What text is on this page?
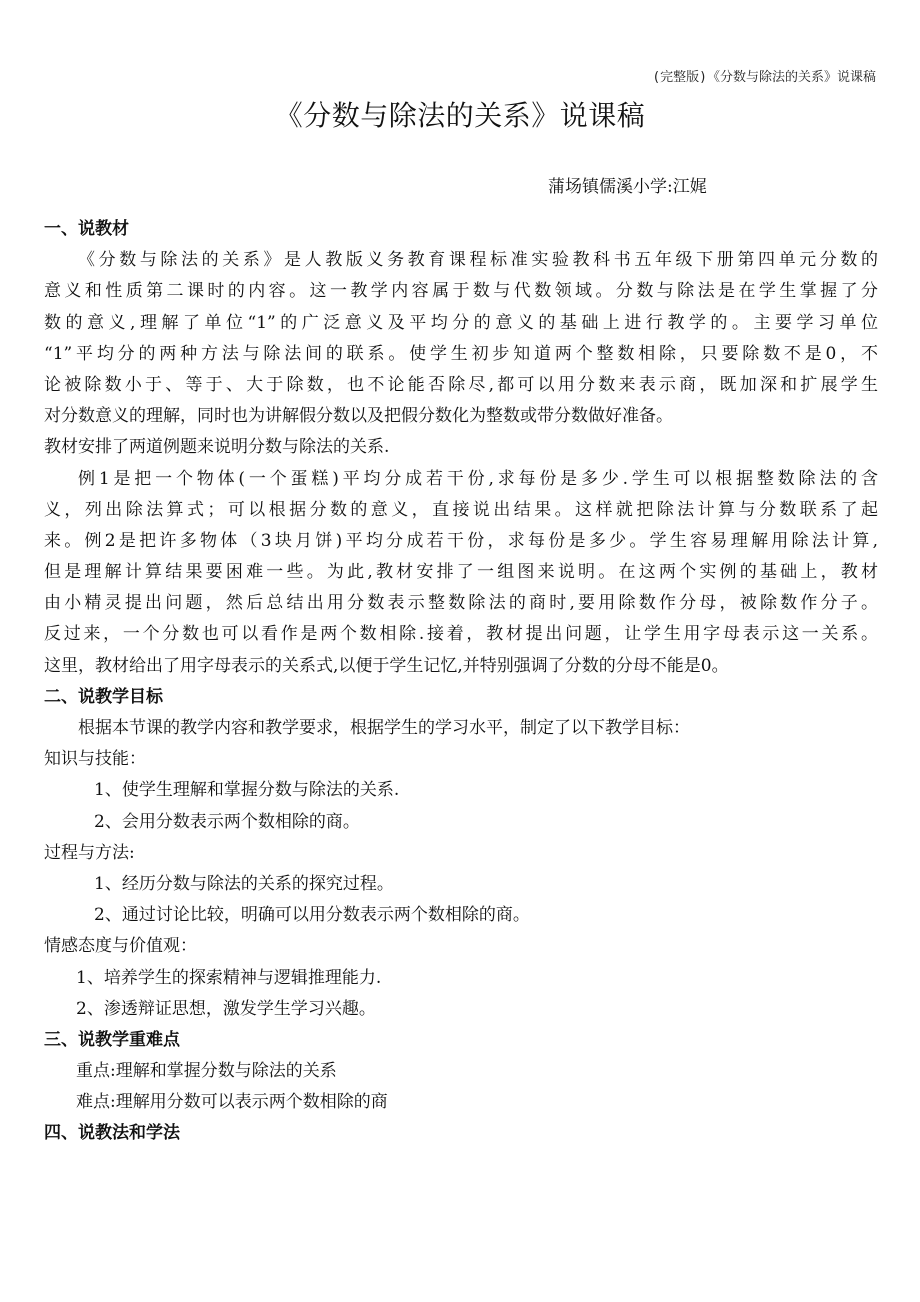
(完整版)《分数与除法的关系》说课稿
《分数与除法的关系》说课稿
蒲场镇儒溪小学:江娓
一、说教材
《分数与除法的关系》是人教版义务教育课程标准实验教科书五年级下册第四单元分数的
意义和性质第二课时的内容。这一教学内容属于数与代数领域。分数与除法是在学生掌握了分
数的意义,理解了单位“1”的广泛意义及平均分的意义的基础上进行教学的。主要学习单位
“1”平均分的两种方法与除法间的联系。使学生初步知道两个整数相除，只要除数不是0，不
论被除数小于、等于、大于除数，也不论能否除尽,都可以用分数来表示商，既加深和扩展学生
对分数意义的理解，同时也为讲解假分数以及把假分数化为整数或带分数做好准备。
教材安排了两道例题来说明分数与除法的关系.
例1是把一个物体(一个蛋糕)平均分成若干份,求每份是多少.学生可以根据整数除法的含
义，列出除法算式；可以根据分数的意义，直接说出结果。这样就把除法计算与分数联系了起
来。例2是把许多物体（3块月饼)平均分成若干份，求每份是多少。学生容易理解用除法计算,
但是理解计算结果要困难一些。为此,教材安排了一组图来说明。在这两个实例的基础上，教材
由小精灵提出问题，然后总结出用分数表示整数除法的商时,要用除数作分母，被除数作分子。
反过来，一个分数也可以看作是两个数相除.接着，教材提出问题，让学生用字母表示这一关系。
这里，教材给出了用字母表示的关系式,以便于学生记忆,并特别强调了分数的分母不能是0。
二、说教学目标
根据本节课的教学内容和教学要求，根据学生的学习水平，制定了以下教学目标：
知识与技能：
1、使学生理解和掌握分数与除法的关系.
2、会用分数表示两个数相除的商。
过程与方法:
1、经历分数与除法的关系的探究过程。
2、通过讨论比较，明确可以用分数表示两个数相除的商。
情感态度与价值观：
1、培养学生的探索精神与逻辑推理能力.
2、渗透辩证思想，激发学生学习兴趣。
三、说教学重难点
重点:理解和掌握分数与除法的关系
难点:理解用分数可以表示两个数相除的商
四、说教法和学法
